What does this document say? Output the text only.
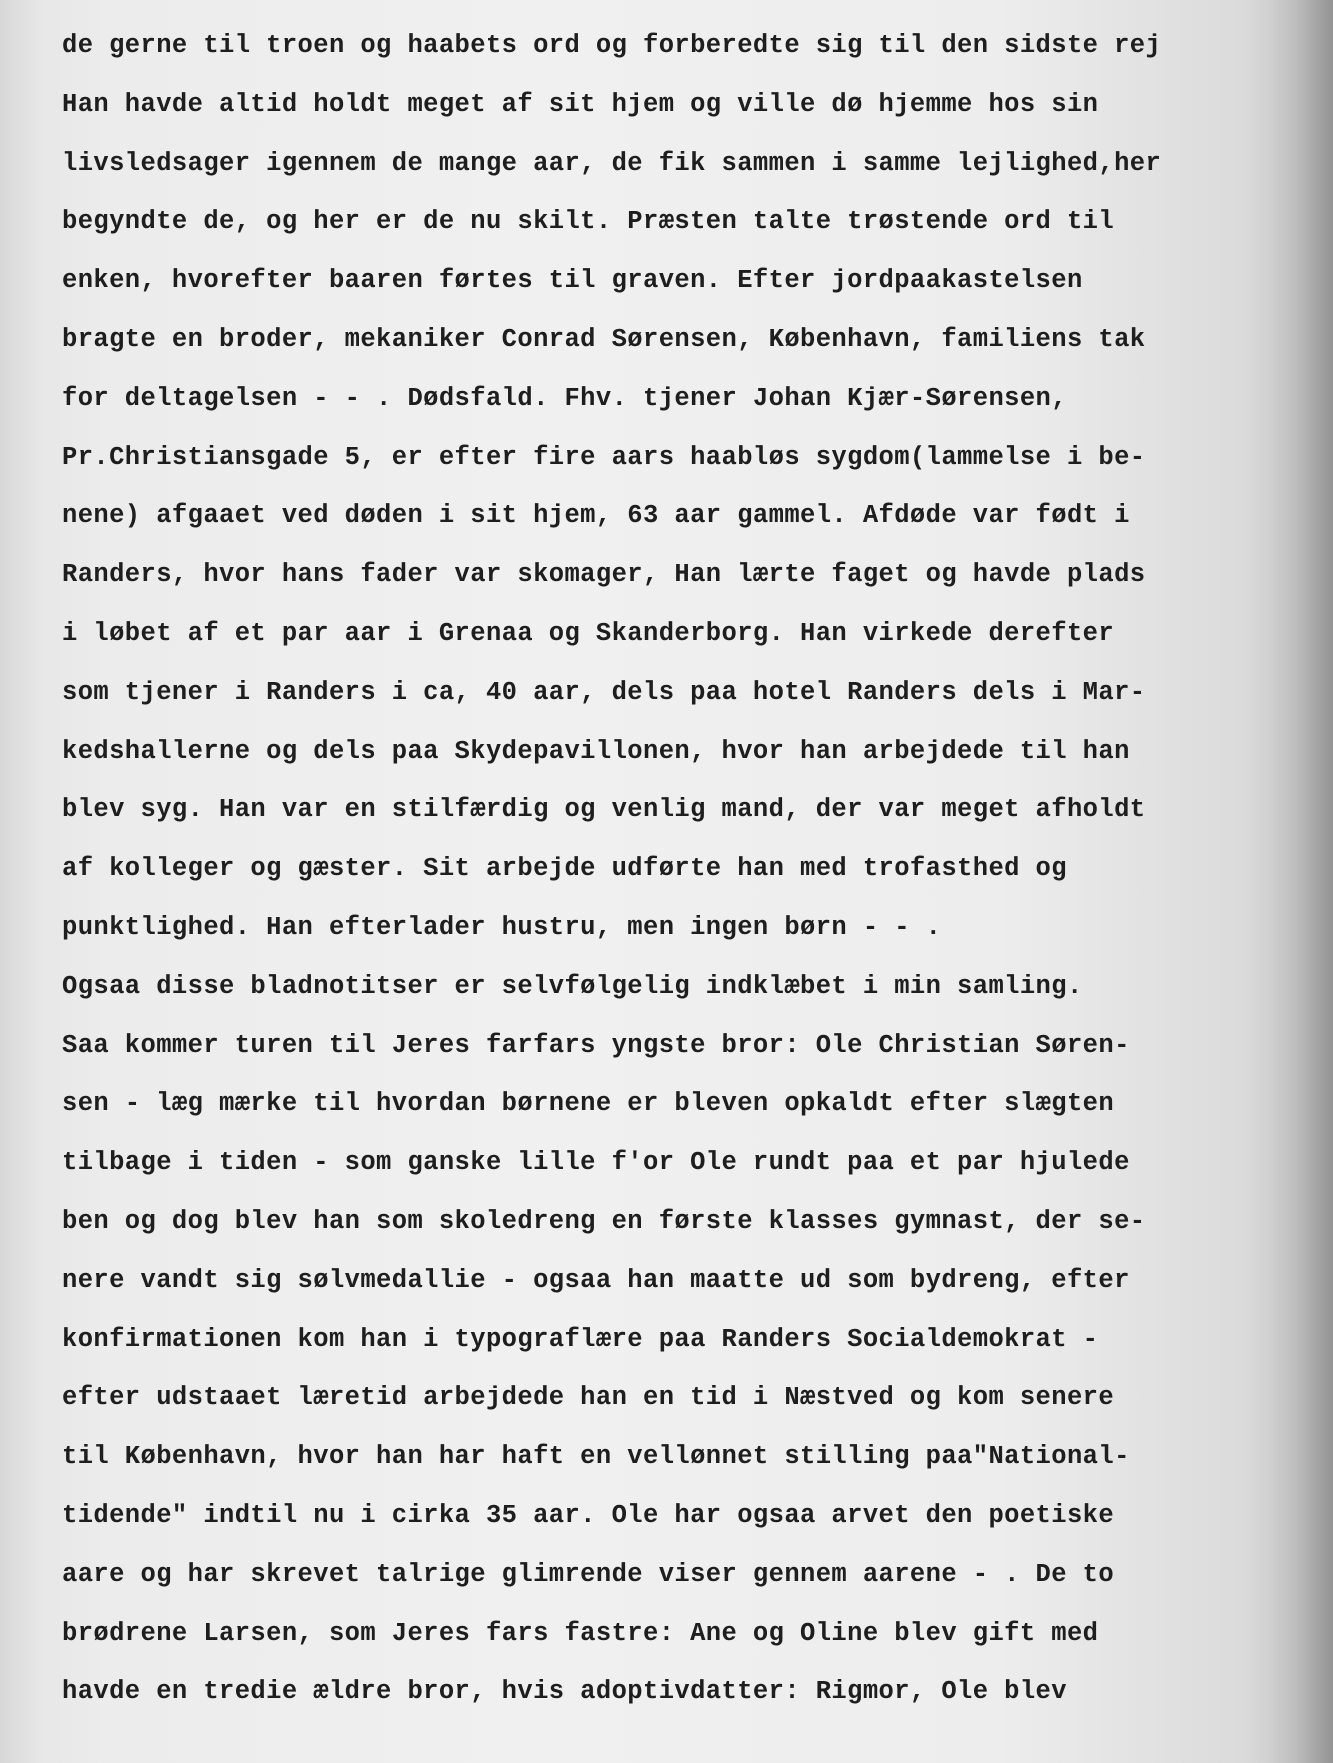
de gerne til troen og haabets ord og forberedte sig til den sidste rej
Han havde altid holdt meget af sit hjem og ville dø hjemme hos sin
livsledsager igennem de mange aar, de fik sammen i samme lejlighed,her
begyndte de, og her er de nu skilt. Præsten talte trøstende ord til
enken, hvorefter baaren førtes til graven. Efter jordpaakastelsen
bragte en broder, mekaniker Conrad Sørensen, København, familiens tak
for deltagelsen - - . Dødsfald. Fhv. tjener Johan Kjær-Sørensen,
Pr.Christiansgade 5, er efter fire aars haabløs sygdom(lammelse i be-
nene) afgaaet ved døden i sit hjem, 63 aar gammel. Afdøde var født i
Randers, hvor hans fader var skomager, Han lærte faget og havde plads
i løbet af et par aar i Grenaa og Skanderborg. Han virkede derefter
som tjener i Randers i ca, 40 aar, dels paa hotel Randers dels i Mar-
kedshallerne og dels paa Skydepavillonen, hvor han arbejdede til han
blev syg. Han var en stilfærdig og venlig mand, der var meget afholdt
af kolleger og gæster. Sit arbejde udførte han med trofasthed og
punktlighed. Han efterlader hustru, men ingen børn - - .
Ogsaa disse bladnotitser er selvfølgelig indklæbet i min samling.
Saa kommer turen til Jeres farfars yngste bror: Ole Christian Søren-
sen - læg mærke til hvordan børnene er bleven opkaldt efter slægten
tilbage i tiden - som ganske lille f'or Ole rundt paa et par hjulede
ben og dog blev han som skoledreng en første klasses gymnast, der se-
nere vandt sig sølvmedallie - ogsaa han maatte ud som bydreng, efter
konfirmationen kom han i typograflære paa Randers Socialdemokrat -
efter udstaaet læretid arbejdede han en tid i Næstved og kom senere
til København, hvor han har haft en vellønnet stilling paa"National-
tidende" indtil nu i cirka 35 aar. Ole har ogsaa arvet den poetiske
aare og har skrevet talrige glimrende viser gennem aarene - . De to
brødrene Larsen, som Jeres fars fastre: Ane og Oline blev gift med
havde en tredie ældre bror, hvis adoptivdatter: Rigmor, Ole blev
